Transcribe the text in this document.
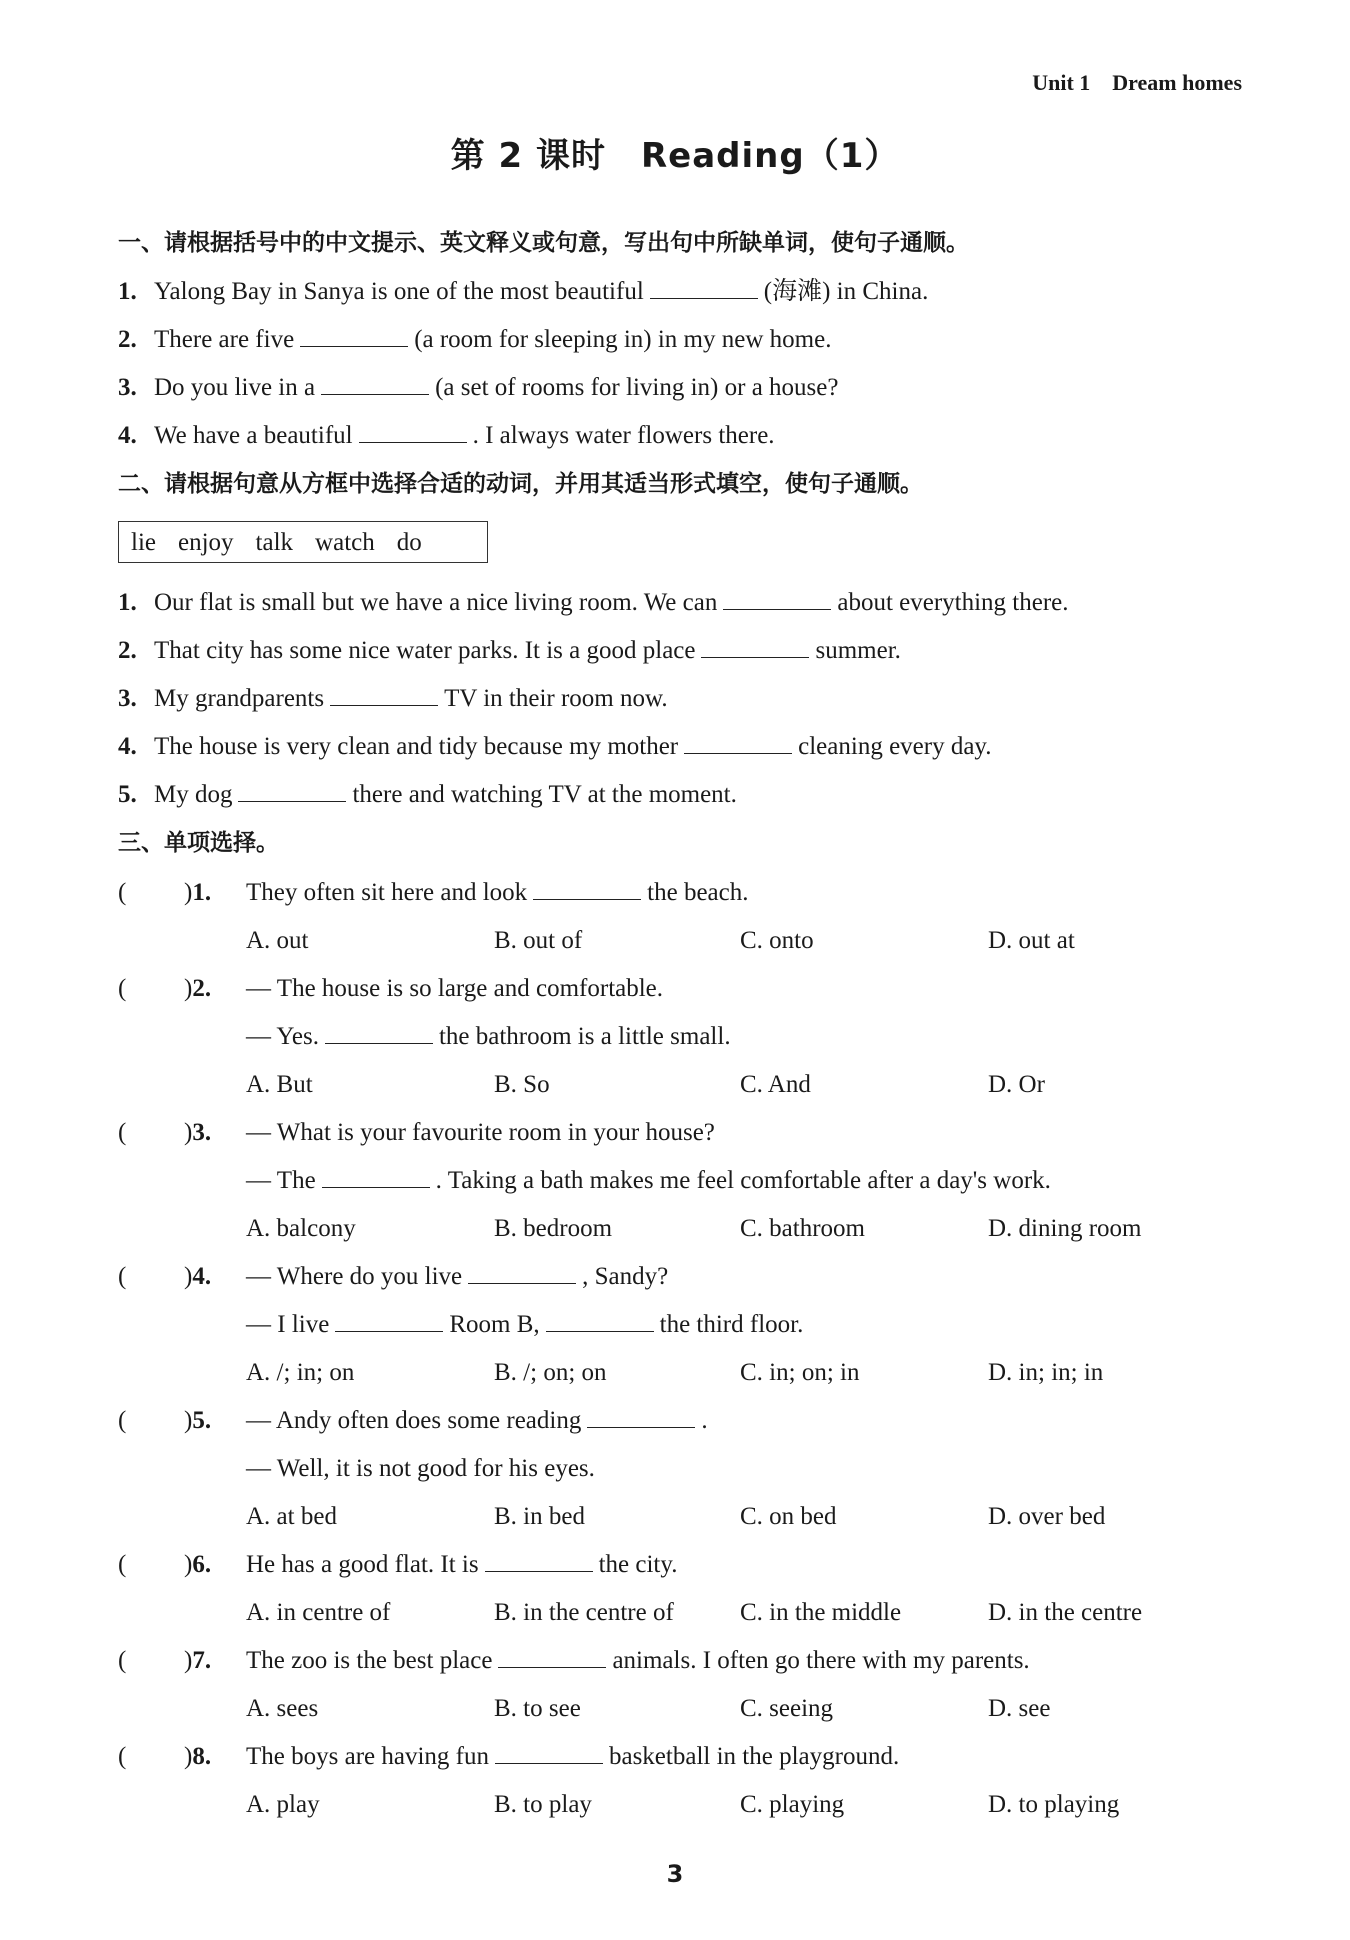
Unit 1 Dream homes
第 2 课时　Reading（1）
一、请根据括号中的中文提示、英文释义或句意，写出句中所缺单词，使句子通顺。
1. Yalong Bay in Sanya is one of the most beautiful	(海滩) in China.
2. There are five	(a room for sleeping in) in my new home.
3. Do you live in a	(a set of rooms for living in) or a house?
4. We have a beautiful	. I always water flowers there.
二、请根据句意从方框中选择合适的动词，并用其适当形式填空，使句子通顺。
lie enjoy talk watch do
1. Our flat is small but we have a nice living room. We can	about everything there.
2. That city has some nice water parks. It is a good place	summer.
3. My grandparents	TV in their room now.
4. The house is very clean and tidy because my mother	cleaning every day.
5. My dog	there and watching TV at the moment.
三、单项选择。
( )1.	They often sit here and look	the beach.
A. out	B. out of	C. onto	D. out at
( )2.	— The house is so large and comfortable.
— Yes.	the bathroom is a little small.
A. But	B. So	C. And	D. Or
( )3.	— What is your favourite room in your house?
— The	. Taking a bath makes me feel comfortable after a day's work.
A. balcony	B. bedroom	C. bathroom	D. dining room
( )4.	— Where do you live	, Sandy?
— I live	Room B,	the third floor.
A. /; in; on	B. /; on; on	C. in; on; in	D. in; in; in
( )5.	— Andy often does some reading	.
— Well, it is not good for his eyes.
A. at bed	B. in bed	C. on bed	D. over bed
( )6.	He has a good flat. It is	the city.
A. in centre of	B. in the centre of	C. in the middle	D. in the centre
( )7.	The zoo is the best place	animals. I often go there with my parents.
A. sees	B. to see	C. seeing	D. see
( )8.	The boys are having fun	basketball in the playground.
A. play	B. to play	C. playing	D. to playing
3
